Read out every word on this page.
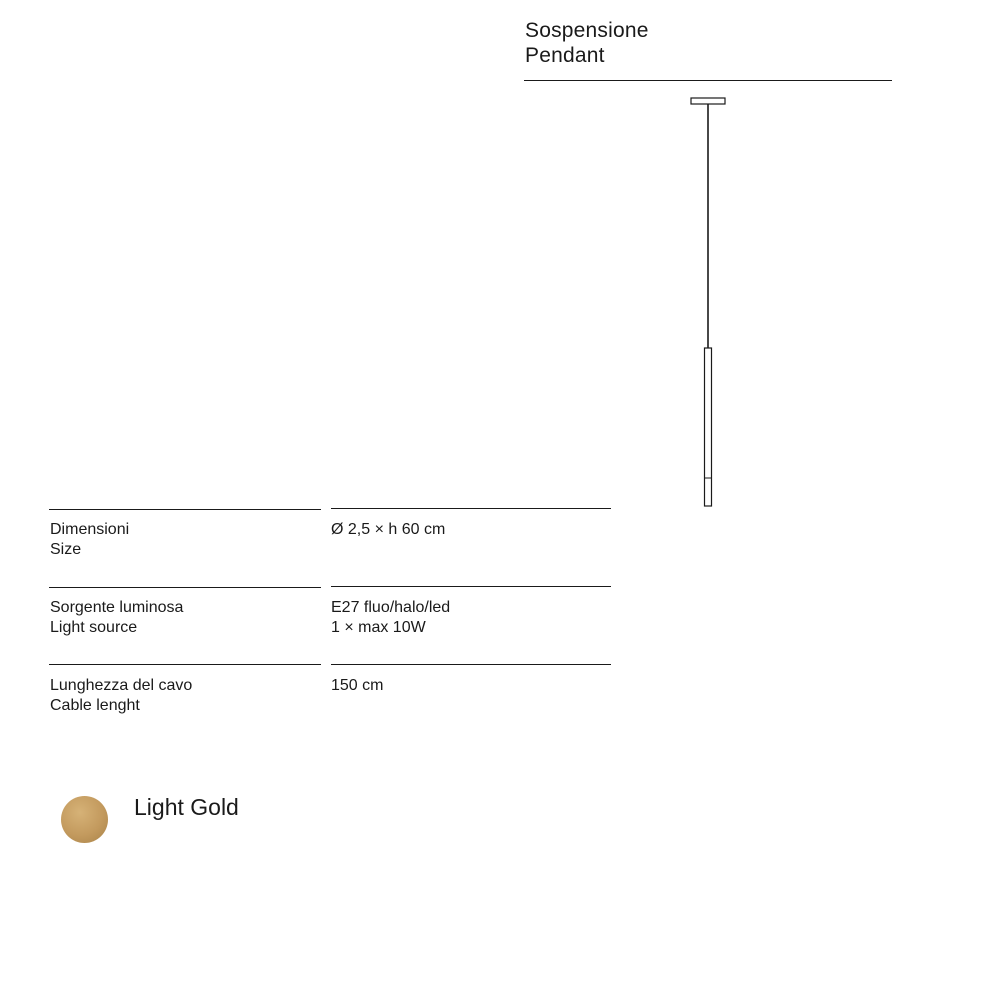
Sospensione
Pendant
Dimensioni
Size
Ø 2,5 × h 60 cm
Sorgente luminosa
Light source
E27 fluo/halo/led
1 × max 10W
Lunghezza del cavo
Cable lenght
150 cm
Light Gold
